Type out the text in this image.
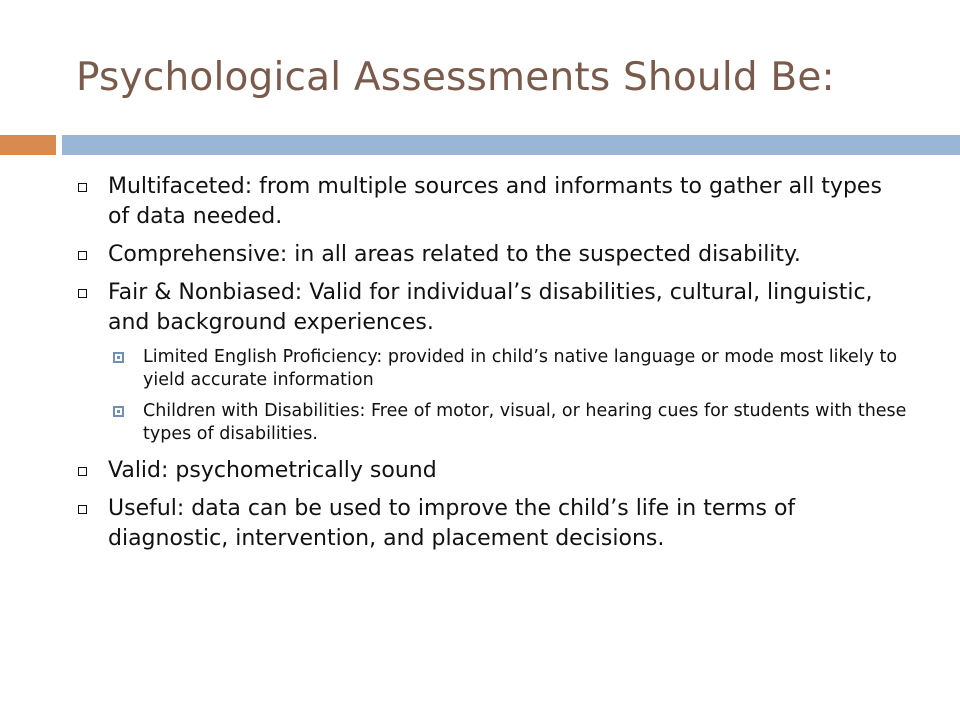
Psychological Assessments Should Be:
Multifaceted: from multiple sources and informants to gather all types of data needed.
Comprehensive: in all areas related to the suspected disability.
Fair & Nonbiased: Valid for individual’s disabilities, cultural, linguistic, and background experiences.
Limited English Proficiency: provided in child’s native language or mode most likely to yield accurate information
Children with Disabilities: Free of motor, visual, or hearing cues for students with these types of disabilities.
Valid: psychometrically sound
Useful: data can be used to improve the child’s life in terms of diagnostic, intervention, and placement decisions.
